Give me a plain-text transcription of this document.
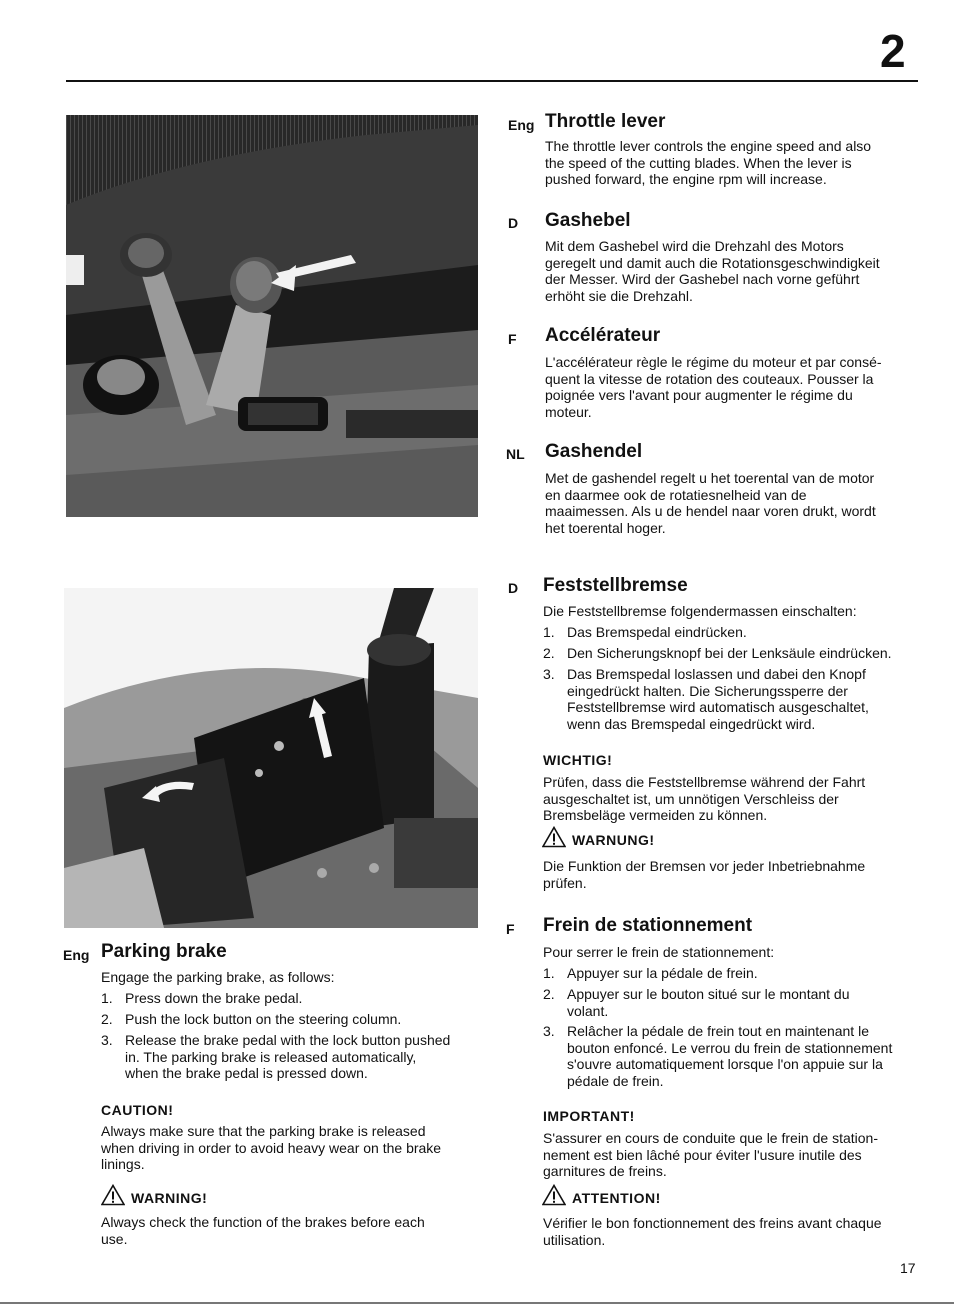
2
Eng Throttle lever
The throttle lever controls the engine speed and also
the speed of the cutting blades. When the lever is
pushed forward, the engine rpm will increase.
D Gashebel
Mit dem Gashebel wird die Drehzahl des Motors
geregelt und damit auch die Rotationsgeschwindigkeit
der Messer. Wird der Gashebel nach vorne geführt
erhöht sie die Drehzahl.
F Accélérateur
L'accélérateur règle le régime du moteur et par consé-
quent la vitesse de rotation des couteaux. Pousser la
poignée vers l'avant pour augmenter le régime du
moteur.
NL Gashendel
Met de gashendel regelt u het toerental van de motor
en daarmee ook de rotatiesnelheid van de
maaimessen. Als u de hendel naar voren drukt, wordt
het toerental hoger.
D Feststellbremse
Die Feststellbremse folgendermassen einschalten:
1. Das Bremspedal eindrücken.
2. Den Sicherungsknopf bei der Lenksäule eindrücken.
3. Das Bremspedal loslassen und dabei den Knopf
eingedrückt halten. Die Sicherungssperre der
Feststellbremse wird automatisch ausgeschaltet,
wenn das Bremspedal eingedrückt wird.
WICHTIG!
Prüfen, dass die Feststellbremse während der Fahrt
ausgeschaltet ist, um unnötigen Verschleiss der
Bremsbeläge vermeiden zu können.
WARNUNG!
Die Funktion der Bremsen vor jeder Inbetriebnahme
prüfen.
F Frein de stationnement
Pour serrer le frein de stationnement:
1. Appuyer sur la pédale de frein.
2. Appuyer sur le bouton situé sur le montant du
volant.
3. Relâcher la pédale de frein tout en maintenant le
bouton enfoncé. Le verrou du frein de stationnement
s'ouvre automatiquement lorsque l'on appuie sur la
pédale de frein.
IMPORTANT!
S'assurer en cours de conduite que le frein de station-
nement est bien lâché pour éviter l'usure inutile des
garnitures de freins.
ATTENTION!
Vérifier le bon fonctionnement des freins avant chaque
utilisation.
Eng Parking brake
Engage the parking brake, as follows:
1. Press down the brake pedal.
2. Push the lock button on the steering column.
3. Release the brake pedal with the lock button pushed
in. The parking brake is released automatically,
when the brake pedal is pressed down.
CAUTION!
Always make sure that the parking brake is released
when driving in order to avoid heavy wear on the brake
linings.
WARNING!
Always check the function of the brakes before each
use.
17
